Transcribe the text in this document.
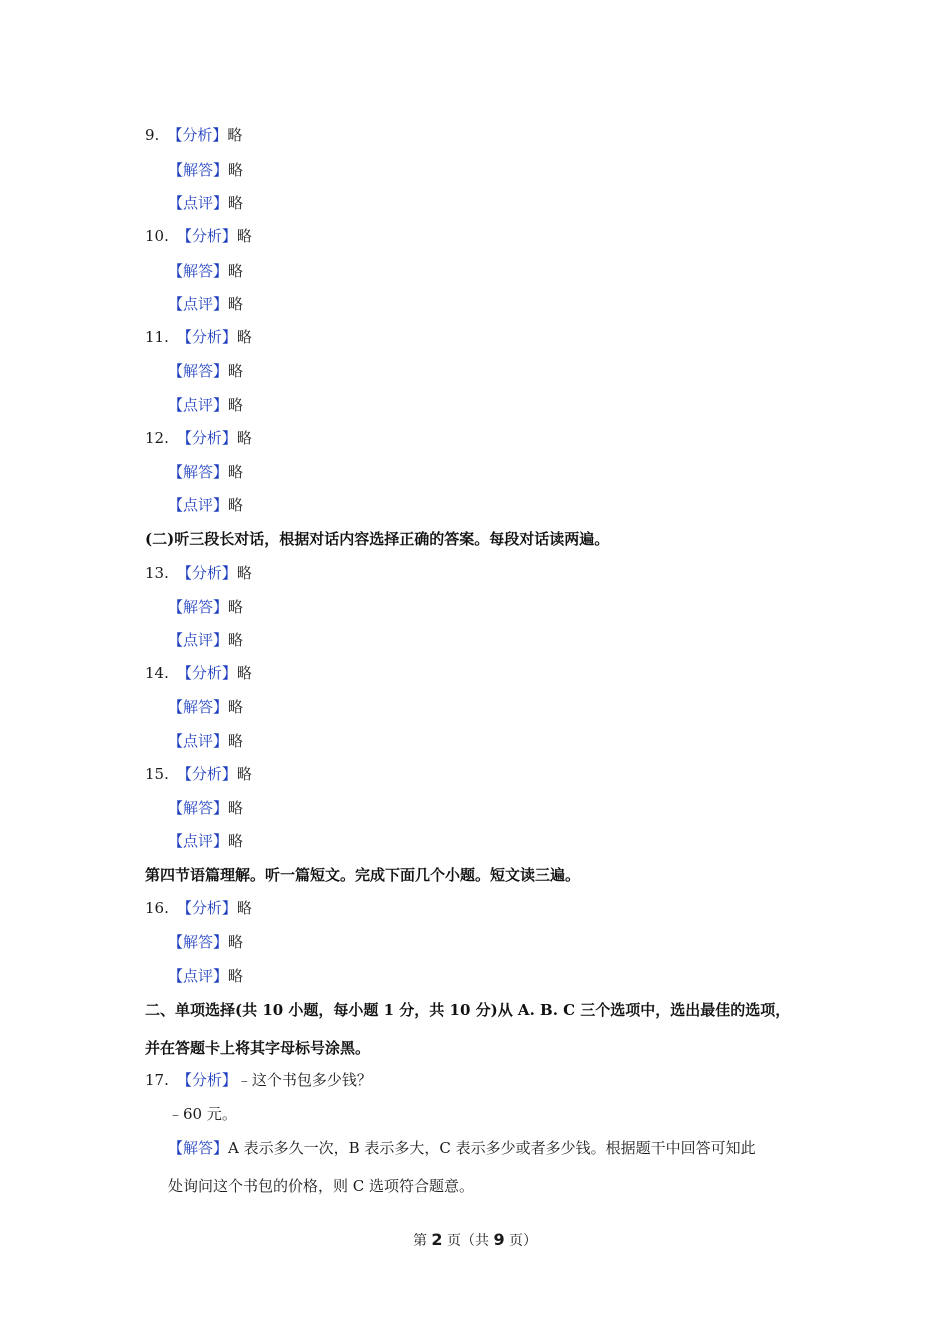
9. 【分析】略
【解答】略
【点评】略
10. 【分析】略
【解答】略
【点评】略
11. 【分析】略
【解答】略
【点评】略
12. 【分析】略
【解答】略
【点评】略
(二)听三段长对话，根据对话内容选择正确的答案。每段对话读两遍。
13. 【分析】略
【解答】略
【点评】略
14. 【分析】略
【解答】略
【点评】略
15. 【分析】略
【解答】略
【点评】略
第四节语篇理解。听一篇短文。完成下面几个小题。短文读三遍。
16. 【分析】略
【解答】略
【点评】略
二、单项选择(共 10 小题，每小题 1 分，共 10 分)从 A. B. C 三个选项中，选出最佳的选项，
并在答题卡上将其字母标号涂黑。
17. 【分析】﹣这个书包多少钱？
﹣60 元。
【解答】A 表示多久一次，B 表示多大，C 表示多少或者多少钱。根据题干中回答可知此
处询问这个书包的价格，则 C 选项符合题意。
第 2 页（共 9 页）
